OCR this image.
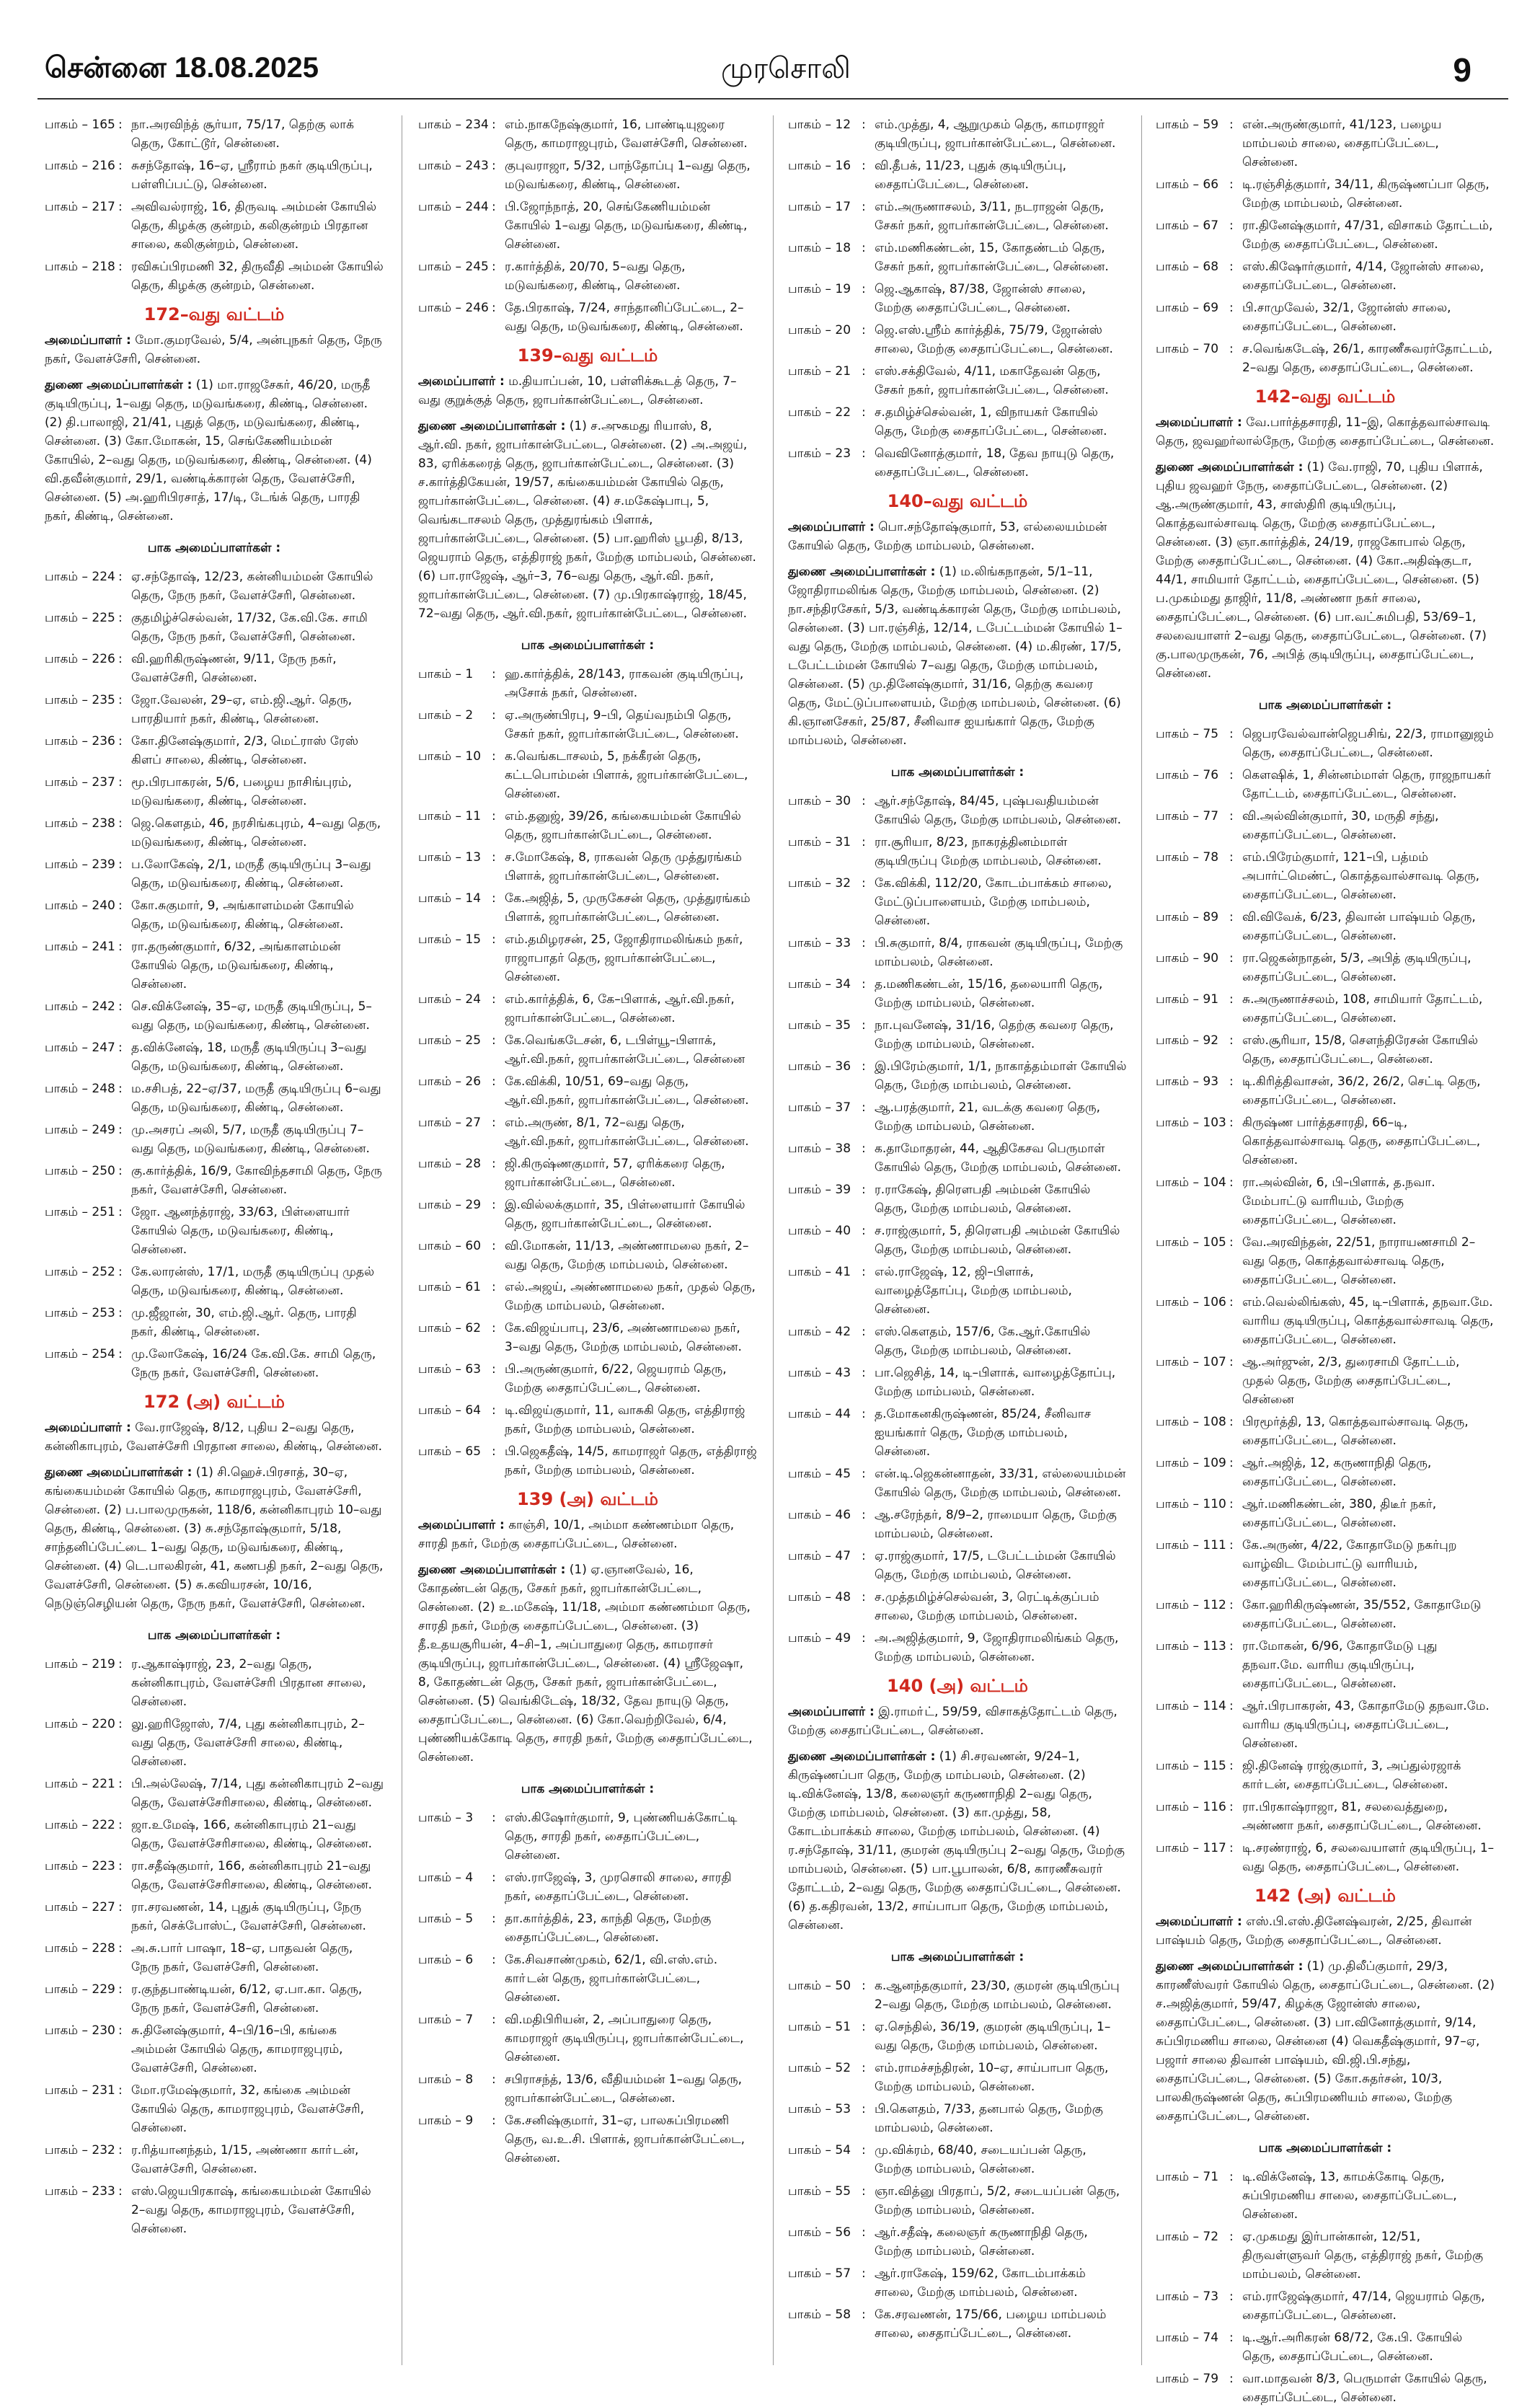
சென்னை 18.08.2025	முரசொலி	9
பாகம் – 165 : நா.அரவிந்த் சூர்யா, 75/17, தெற்கு லாக் தெரு, கோட்டூர், சென்னை.
பாகம் – 216 : சுசந்தோஷ், 16–ஏ, ஸ்ரீராம் நகர் குடியிருப்பு, பள்ளிப்பட்டு, சென்னை.
பாகம் – 217 : அவிவல்ராஜ், 16, திருவடி அம்மன் கோயில் தெரு, கிழக்கு குன்றம், கலிகுன்றம் பிரதான சாலை, கலிகுன்றம், சென்னை.
பாகம் – 218 : ரவிசுப்பிரமணி 32, திருவீதி அம்மன் கோயில் தெரு, கிழக்கு குன்றம், சென்னை.
172–வது வட்டம்
அமைப்பாளர் : மோ.குமரவேல், 5/4, அன்புநகர் தெரு, நேரு நகர், வேளச்சேரி, சென்னை.
துணை அமைப்பாளர்கள் : (1) மா.ராஜசேகர், 46/20, மருதீ குடியிருப்பு, 1–வது தெரு, மடுவங்கரை, கிண்டி, சென்னை. (2) தி.பாலாஜி, 21/41, புதுத் தெரு, மடுவங்கரை, கிண்டி, சென்னை. (3) கோ.மோகன், 15, செங்கேணியம்மன் கோயில், 2–வது தெரு, மடுவங்கரை, கிண்டி, சென்னை. (4) வி.தவீன்குமார், 29/1, வண்டிக்காரன் தெரு, வேளச்சேரி, சென்னை. (5) அ.ஹரிபிரசாத், 17/டி, டேங்க் தெரு, பாரதி நகர், கிண்டி, சென்னை.
பாக அமைப்பாளர்கள் :
பாகம் – 224 : ஏ.சந்தோஷ், 12/23, கன்னியம்மன் கோயில் தெரு, நேரு நகர், வேளச்சேரி, சென்னை.
பாகம் – 225 : குதமிழ்ச்செல்வன், 17/32, கே.வி.கே. சாமி தெரு, நேரு நகர், வேளச்சேரி, சென்னை.
பாகம் – 226 : வி.ஹரிகிருஷ்ணன், 9/11, நேரு நகர், வேளச்சேரி, சென்னை.
பாகம் – 235 : ஜோ.வேலன், 29–ஏ, எம்.ஜி.ஆர். தெரு, பாரதியார் நகர், கிண்டி, சென்னை.
பாகம் – 236 : கோ.தினேஷ்குமார், 2/3, மெட்ராஸ் ரேஸ் கிளப் சாலை, கிண்டி, சென்னை.
பாகம் – 237 : மூ.பிரபாகரன், 5/6, பழைய நாசிங்புரம், மடுவங்கரை, கிண்டி, சென்னை.
பாகம் – 238 : ஜெ.கௌதம், 46, நரசிங்கபுரம், 4–வது தெரு, மடுவங்கரை, கிண்டி, சென்னை.
பாகம் – 239 : ப.லோகேஷ், 2/1, மருதீ குடியிருப்பு 3–வது தெரு, மடுவங்கரை, கிண்டி, சென்னை.
பாகம் – 240 : கோ.சுகுமார், 9, அங்காளம்மன் கோயில் தெரு, மடுவங்கரை, கிண்டி, சென்னை.
பாகம் – 241 : ரா.தருண்குமார், 6/32, அங்காளம்மன் கோயில் தெரு, மடுவங்கரை, கிண்டி, சென்னை.
பாகம் – 242 : செ.விக்னேஷ், 35–ஏ, மருதீ குடியிருப்பு, 5–வது தெரு, மடுவங்கரை, கிண்டி, சென்னை.
பாகம் – 247 : த.விக்னேஷ், 18, மருதீ குடியிருப்பு 3–வது தெரு, மடுவங்கரை, கிண்டி, சென்னை.
பாகம் – 248 : ம.சசிபத், 22–ஏ/37, மருதீ குடியிருப்பு 6–வது தெரு, மடுவங்கரை, கிண்டி, சென்னை.
பாகம் – 249 : மு.அசரப் அலி, 5/7, மருதீ குடியிருப்பு 7–வது தெரு, மடுவங்கரை, கிண்டி, சென்னை.
பாகம் – 250 : கு.கார்த்திக், 16/9, கோவிந்தசாமி தெரு, நேரு நகர், வேளச்சேரி, சென்னை.
பாகம் – 251 : ஜோ. ஆனந்த்ராஜ், 33/63, பிள்ளையார் கோயில் தெரு, மடுவங்கரை, கிண்டி, சென்னை.
பாகம் – 252 : கே.லாரன்ஸ், 17/1, மருதீ குடியிருப்பு முதல் தெரு, மடுவங்கரை, கிண்டி, சென்னை.
பாகம் – 253 : மு.ஜீஜான், 30, எம்.ஜி.ஆர். தெரு, பாரதி நகர், கிண்டி, சென்னை.
பாகம் – 254 : மு.லோகேஷ், 16/24 கே.வி.கே. சாமி தெரு, நேரு நகர், வேளச்சேரி, சென்னை.
172 (அ) வட்டம்
அமைப்பாளர் : வே.ராஜேஷ், 8/12, புதிய 2–வது தெரு, கன்னிகாபுரம், வேளச்சேரி பிரதான சாலை, கிண்டி, சென்னை.
துணை அமைப்பாளர்கள் : (1) சி.ஹெச்.பிரசாத், 30–ஏ, கங்கையம்மன் கோயில் தெரு, காமராஜபுரம், வேளச்சேரி, சென்னை. (2) ப.பாலமுருகன், 118/6, கன்னிகாபுரம் 10–வது தெரு, கிண்டி, சென்னை. (3) சு.சந்தோஷ்குமார், 5/18, சாந்தனிப்பேட்டை 1–வது தெரு, மடுவங்கரை, கிண்டி, சென்னை. (4) டெ.பாலகிரன், 41, கணபதி நகர், 2–வது தெரு, வேளச்சேரி, சென்னை. (5) சு.கவியரசன், 10/16, நெடுஞ்செழியன் தெரு, நேரு நகர், வேளச்சேரி, சென்னை.
பாக அமைப்பாளர்கள் :
பாகம் – 219 : ர.ஆகாஷ்ராஜ், 23, 2–வது தெரு, கன்னிகாபுரம், வேளச்சேரி பிரதான சாலை, சென்னை.
பாகம் – 220 : லு.ஹரிஜோஸ், 7/4, புது கன்னிகாபுரம், 2–வது தெரு, வேளச்சேரி சாலை, கிண்டி, சென்னை.
பாகம் – 221 : பி.அல்லேஷ், 7/14, புது கன்னிகாபுரம் 2–வது தெரு, வேளச்சேரிசாலை, கிண்டி, சென்னை.
பாகம் – 222 : ஜா.உமேஷ், 166, கன்னிகாபுரம் 21–வது தெரு, வேளச்சேரிசாலை, கிண்டி, சென்னை.
பாகம் – 223 : ரா.சதீஷ்குமார், 166, கன்னிகாபுரம் 21–வது தெரு, வேளச்சேரிசாலை, கிண்டி, சென்னை.
பாகம் – 227 : ரா.சரவணன், 14, புதுக் குடியிருப்பு, நேரு நகர், செக்போஸ்ட், வேளச்சேரி, சென்னை.
பாகம் – 228 : அ.சு.பார் பாஷா, 18–ஏ, பாதவன் தெரு, நேரு நகர், வேளச்சேரி, சென்னை.
பாகம் – 229 : ர.குந்தபாண்டியன், 6/12, ஏ.பா.கா. தெரு, நேரு நகர், வேளச்சேரி, சென்னை.
பாகம் – 230 : சு.தினேஷ்குமார், 4–பி/16–பி, கங்கை அம்மன் கோயில் தெரு, காமராஜபுரம், வேளச்சேரி, சென்னை.
பாகம் – 231 : மோ.ரமேஷ்குமார், 32, கங்கை அம்மன் கோயில் தெரு, காமராஜபுரம், வேளச்சேரி, சென்னை.
பாகம் – 232 : ர.ரித்யானந்தம், 1/15, அண்ணா காா்டன், வேளச்சேரி, சென்னை.
பாகம் – 233 : எஸ்.ஜெயபிரகாஷ், கங்கையம்மன் கோயில் 2–வது தெரு, காமராஜபுரம், வேளச்சேரி, சென்னை.
பாகம் – 234 : எம்.நாகநேஷ்குமார், 16, பாண்டியுஜரை தெரு, காமராஜபுரம், வேளச்சேரி, சென்னை.
பாகம் – 243 : குபுவராஜா, 5/32, பாந்தோப்பு 1–வது தெரு, மடுவங்கரை, கிண்டி, சென்னை.
பாகம் – 244 : பி.ஜோந்நாத், 20, செங்கேணியம்மன் கோயில் 1–வது தெரு, மடுவங்கரை, கிண்டி, சென்னை.
பாகம் – 245 : ர.கார்த்திக், 20/70, 5–வது தெரு, மடுவங்கரை, கிண்டி, சென்னை.
பாகம் – 246 : தே.பிரகாஷ், 7/24, சாந்தானிப்பேட்டை, 2–வது தெரு, மடுவங்கரை, கிண்டி, சென்னை.
139–வது வட்டம்
அமைப்பாளர் : ம.தியாப்பன், 10, பள்ளிக்கூடத் தெரு, 7–வது குறுக்குத் தெரு, ஜாபர்கான்பேட்டை, சென்னை.
துணை அமைப்பாளர்கள் : (1) ச.அுகமது ரியாஸ், 8, ஆர்.வி. நகர், ஜாபர்கான்பேட்டை, சென்னை. (2) அ.அஜய், 83, ஏரிக்கரைத் தெரு, ஜாபர்கான்பேட்டை, சென்னை. (3) ச.கார்த்திகேயன், 19/57, கங்கையம்மன் கோயில் தெரு, ஜாபர்கான்பேட்டை, சென்னை. (4) ச.மகேஷ்பாபு, 5, வெங்கடாசலம் தெரு, முத்துரங்கம் பிளாக், ஜாபர்கான்பேட்டை, சென்னை. (5) பா.ஹரிஸ் பூபதி, 8/13, ஜெயராம் தெரு, எத்திராஜ் நகர், மேற்கு மாம்பலம், சென்னை. (6) பா.ராஜேஷ், ஆர்–3, 76–வது தெரு, ஆர்.வி. நகர், ஜாபர்கான்பேட்டை, சென்னை. (7) மு.பிரகாஷ்ராஜ், 18/45, 72–வது தெரு, ஆர்.வி.நகர், ஜாபர்கான்பேட்டை, சென்னை.
பாக அமைப்பாளர்கள் :
பாகம் – 1	: ஹ.கார்த்திக், 28/143, ராகவன் குடியிருப்பு, அசோக் நகர், சென்னை.
பாகம் – 2	: ஏ.அருண்பிரபு, 9–பி, தெய்வநம்பி தெரு, சேகர் நகர், ஜாபர்கான்பேட்டை, சென்னை.
பாகம் – 10 : க.வெங்கடாசலம், 5, நக்கீரன் தெரு, கட்டபொம்மன் பிளாக், ஜாபர்கான்பேட்டை, சென்னை.
பாகம் – 11 : எம்.தனுஜ், 39/26, கங்கையம்மன் கோயில் தெரு, ஜாபர்கான்பேட்டை, சென்னை.
பாகம் – 13 : ச.மோகேஷ், 8, ராகவன் தெரு முத்துரங்கம் பிளாக், ஜாபர்கான்பேட்டை, சென்னை.
பாகம் – 14 : கே.அஜித், 5, முருகேசன் தெரு, முத்துரங்கம் பிளாக், ஜாபர்கான்பேட்டை, சென்னை.
பாகம் – 15 : எம்.தமிழரசன், 25, ஜோதிராமலிங்கம் நகர், ராஜாபாதர் தெரு, ஜாபர்கான்பேட்டை, சென்னை.
பாகம் – 24 : எம்.கார்த்திக், 6, கே–பிளாக், ஆர்.வி.நகர், ஜாபர்கான்பேட்டை, சென்னை.
பாகம் – 25 : கே.வெங்கடேசன், 6, டபிள்யூ–பிளாக், ஆர்.வி.நகர், ஜாபர்கான்பேட்டை, சென்னை
பாகம் – 26 : கே.விக்கி, 10/51, 69–வது தெரு, ஆர்.வி.நகர், ஜாபர்கான்பேட்டை, சென்னை.
பாகம் – 27 : எம்.அருண், 8/1, 72–வது தெரு, ஆர்.வி.நகர், ஜாபர்கான்பேட்டை, சென்னை.
பாகம் – 28 : ஜி.கிருஷ்ணகுமார், 57, ஏரிக்கரை தெரு, ஜாபர்கான்பேட்டை, சென்னை.
பாகம் – 29 : இ.வில்லக்குமார், 35, பிள்ளையார் கோயில் தெரு, ஜாபர்கான்பேட்டை, சென்னை.
பாகம் – 60 : வி.மோகன், 11/13, அண்ணாமலை நகர், 2–வது தெரு, மேற்கு மாம்பலம், சென்னை.
பாகம் – 61 : எல்.அஜய், அண்ணாமலை நகர், முதல் தெரு, மேற்கு மாம்பலம், சென்னை.
பாகம் – 62 : கே.விஜய்பாபு, 23/6, அண்ணாமலை நகர், 3–வது தெரு, மேற்கு மாம்பலம், சென்னை.
பாகம் – 63 : பி.அருண்குமார், 6/22, ஜெயராம் தெரு, மேற்கு சைதாப்பேட்டை, சென்னை.
பாகம் – 64 : டி.விஜய்குமார், 11, வாசுகி தெரு, எத்திராஜ் நகர், மேற்கு மாம்பலம், சென்னை.
பாகம் – 65 : பி.ஜெகதீஷ், 14/5, காமராஜர் தெரு, எத்திராஜ் நகர், மேற்கு மாம்பலம், சென்னை.
139 (அ) வட்டம்
அமைப்பாளர் : காஞ்சி, 10/1, அம்மா கண்ணம்மா தெரு, சாரதி நகர், மேற்கு சைதாப்பேட்டை, சென்னை.
துணை அமைப்பாளர்கள் : (1) ஏ.ஞானவேல், 16, கோதண்டன் தெரு, சேகர் நகர், ஜாபர்கான்பேட்டை, சென்னை. (2) உ.மகேஷ், 11/18, அம்மா கண்ணம்மா தெரு, சாரதி நகர், மேற்கு சைதாப்பேட்டை, சென்னை. (3) தீ.உதயசூரியன், 4–சி–1, அப்பாதுரை தெரு, காமராசர் குடியிருப்பு, ஜாபர்கான்பேட்டை, சென்னை. (4) ஸ்ரீஜேஷா, 8, கோதண்டன் தெரு, சேகர் நகர், ஜாபர்கான்பேட்டை, சென்னை. (5) வெங்கிடேஷ், 18/32, தேவ நாயுடு தெரு, சைதாப்பேட்டை, சென்னை. (6) கோ.வெற்றிவேல், 6/4, புண்ணியக்கோடி தெரு, சாரதி நகர், மேற்கு சைதாப்பேட்டை, சென்னை.
பாக அமைப்பாளர்கள் :
பாகம் – 3	: எஸ்.கிஷோர்குமார், 9, புண்ணியக்கோட்டி தெரு, சாரதி நகர், சைதாப்பேட்டை, சென்னை.
பாகம் – 4	: எஸ்.ராஜேஷ், 3, முரசொலி சாலை, சாரதி நகர், சைதாப்பேட்டை, சென்னை.
பாகம் – 5	: தா.கார்த்திக், 23, காந்தி தெரு, மேற்கு சைதாப்பேட்டை, சென்னை.
பாகம் – 6	: கே.சிவசாண்முகம், 62/1, வி.எஸ்.எம். காா்டன் தெரு, ஜாபர்கான்பேட்டை, சென்னை.
பாகம் – 7	: வி.மதிபிரியன், 2, அப்பாதுரை தெரு, காமராஜர் குடியிருப்பு, ஜாபர்கான்பேட்டை, சென்னை.
பாகம் – 8	: சபிராசந்த், 13/6, வீதியம்மன் 1–வது தெரு, ஜாபர்கான்பேட்டை, சென்னை.
பாகம் – 9	: கே.சனிஷ்குமார், 31–ஏ, பாலசுப்பிரமணி தெரு, வ.உ.சி. பிளாக், ஜாபர்கான்பேட்டை, சென்னை.
பாகம் – 12 : எம்.முத்து, 4, ஆறுமுகம் தெரு, காமராஜர் குடியிருப்பு, ஜாபர்கான்பேட்டை, சென்னை.
பாகம் – 16 : வி.தீபக், 11/23, புதுக் குடியிருப்பு, சைதாப்பேட்டை, சென்னை.
பாகம் – 17 : எம்.அருணாசலம், 3/11, நடராஜன் தெரு, சேகர் நகர், ஜாபர்கான்பேட்டை, சென்னை.
பாகம் – 18 : எம்.மணிகண்டன், 15, கோதண்டம் தெரு, சேகர் நகர், ஜாபர்கான்பேட்டை, சென்னை.
பாகம் – 19 : ஜெ.ஆகாஷ், 87/38, ஜோன்ஸ் சாலை, மேற்கு சைதாப்பேட்டை, சென்னை.
பாகம் – 20 : ஜெ.எஸ்.ஸ்ரீம் கார்த்திக், 75/79, ஜோன்ஸ் சாலை, மேற்கு சைதாப்பேட்டை, சென்னை.
பாகம் – 21 : எஸ்.சக்திவேல், 4/11, மகாதேவன் தெரு, சேகர் நகர், ஜாபர்கான்பேட்டை, சென்னை.
பாகம் – 22 : ச.தமிழ்ச்செல்வன், 1, விநாயகர் கோயில் தெரு, மேற்கு சைதாப்பேட்டை, சென்னை.
பாகம் – 23 : வெவினோத்குமார், 18, தேவ நாயுடு தெரு, சைதாப்பேட்டை, சென்னை.
140–வது வட்டம்
அமைப்பாளர் : பொ.சந்தோஷ்குமார், 53, எல்லையம்மன் கோயில் தெரு, மேற்கு மாம்பலம், சென்னை.
துணை அமைப்பாளர்கள் : (1) ம.லிங்கநாதன், 5/1–11, ஜோதிராமலிங்க தெரு, மேற்கு மாம்பலம், சென்னை. (2) நா.சந்திரசேகர், 5/3, வண்டிக்காரன் தெரு, மேற்கு மாம்பலம், சென்னை. (3) பா.ரஞ்சித், 12/14, டபேட்டம்மன் கோயில் 1–வது தெரு, மேற்கு மாம்பலம், சென்னை. (4) ம.கிரண், 17/5, டபேட்டம்மன் கோயில் 7–வது தெரு, மேற்கு மாம்பலம், சென்னை. (5) மு.தினேஷ்குமார், 31/16, தெற்கு கவரை தெரு, மேட்டுப்பாளையம், மேற்கு மாம்பலம், சென்னை. (6) கி.ஞானசேகர், 25/87, சீனிவாச ஐயங்கார் தெரு, மேற்கு மாம்பலம், சென்னை.
பாக அமைப்பாளர்கள் :
பாகம் – 30 : ஆர்.சந்தோஷ், 84/45, புஷ்பவதியம்மன் கோயில் தெரு, மேற்கு மாம்பலம், சென்னை.
பாகம் – 31 : ரா.சூரியா, 8/23, நாகரத்தினம்மாள் குடியிருப்பு மேற்கு மாம்பலம், சென்னை.
பாகம் – 32 : கே.விக்கி, 112/20, கோடம்பாக்கம் சாலை, மேட்டுப்பாளையம், மேற்கு மாம்பலம், சென்னை.
பாகம் – 33 : பி.சுகுமார், 8/4, ராகவன் குடியிருப்பு, மேற்கு மாம்பலம், சென்னை.
பாகம் – 34 : த.மணிகண்டன், 15/16, தலையாரி தெரு, மேற்கு மாம்பலம், சென்னை.
பாகம் – 35 : நா.புவனேஷ், 31/16, தெற்கு கவரை தெரு, மேற்கு மாம்பலம், சென்னை.
பாகம் – 36 : இ.பிரேம்குமார், 1/1, நாகாத்தம்மாள் கோயில் தெரு, மேற்கு மாம்பலம், சென்னை.
பாகம் – 37 : ஆ.பரத்குமார், 21, வடக்கு கவரை தெரு, மேற்கு மாம்பலம், சென்னை.
பாகம் – 38 : க.தாமோதரன், 44, ஆதிகேசவ பெருமாள் கோயில் தெரு, மேற்கு மாம்பலம், சென்னை.
பாகம் – 39 : ர.ராகேஷ், திரௌபதி அம்மன் கோயில் தெரு, மேற்கு மாம்பலம், சென்னை.
பாகம் – 40 : ச.ராஜ்குமார், 5, திரௌபதி அம்மன் கோயில் தெரு, மேற்கு மாம்பலம், சென்னை.
பாகம் – 41 : எல்.ராஜேஷ், 12, ஜி–பிளாக், வாழைத்தோப்பு, மேற்கு மாம்பலம், சென்னை.
பாகம் – 42 : எஸ்.கௌதம், 157/6, கே.ஆர்.கோயில் தெரு, மேற்கு மாம்பலம், சென்னை.
பாகம் – 43 : பா.ஜெசித், 14, டி–பிளாக், வாழைத்தோப்பு, மேற்கு மாம்பலம், சென்னை.
பாகம் – 44 : த.மோகனகிருஷ்ணன், 85/24, சீனிவாச ஐயங்கார் தெரு, மேற்கு மாம்பலம், சென்னை.
பாகம் – 45 : என்.டி.ஜெகன்னாதன், 33/31, எல்லையம்மன் கோயில் தெரு, மேற்கு மாம்பலம், சென்னை.
பாகம் – 46 : ஆ.சரேந்தர், 8/9–2, ராமையா தெரு, மேற்கு மாம்பலம், சென்னை.
பாகம் – 47 : ஏ.ராஜ்குமார், 17/5, டபேட்டம்மன் கோயில் தெரு, மேற்கு மாம்பலம், சென்னை.
பாகம் – 48 : ச.முத்தமிழ்ச்செல்வன், 3, ரெட்டிக்குப்பம் சாலை, மேற்கு மாம்பலம், சென்னை.
பாகம் – 49 : அ.அஜித்குமார், 9, ஜோதிராமலிங்கம் தெரு, மேற்கு மாம்பலம், சென்னை.
140 (அ) வட்டம்
அமைப்பாளர் : இ.ராமா்ட், 59/59, விசாகத்தோட்டம் தெரு, மேற்கு சைதாப்பேட்டை, சென்னை.
துணை அமைப்பாளர்கள் : (1) சி.சரவணன், 9/24–1, கிருஷ்ணப்பா தெரு, மேற்கு மாம்பலம், சென்னை. (2) டி.விக்னேஷ், 13/8, கலைஞர் கருணாநிதி 2–வது தெரு, மேற்கு மாம்பலம், சென்னை. (3) கா.முத்து, 58, கோடம்பாக்கம் சாலை, மேற்கு மாம்பலம், சென்னை. (4) ர.சந்தோஷ், 31/11, குமரன் குடியிருப்பு 2–வது தெரு, மேற்கு மாம்பலம், சென்னை. (5) பா.பூபாலன், 6/8, காரணீசுவரர் தோட்டம், 2–வது தெரு, மேற்கு சைதாப்பேட்டை, சென்னை. (6) த.கதிரவன், 13/2, சாய்பாபா தெரு, மேற்கு மாம்பலம், சென்னை.
பாக அமைப்பாளர்கள் :
பாகம் – 50 : க.ஆனந்தகுமார், 23/30, குமரன் குடியிருப்பு 2–வது தெரு, மேற்கு மாம்பலம், சென்னை.
பாகம் – 51 : ஏ.செந்தில், 36/19, குமரன் குடியிருப்பு, 1–வது தெரு, மேற்கு மாம்பலம், சென்னை.
பாகம் – 52 : எம்.ராமச்சந்திரன், 10–ஏ, சாய்பாபா தெரு, மேற்கு மாம்பலம், சென்னை.
பாகம் – 53 : பி.கௌதம், 7/33, தனபால் தெரு, மேற்கு மாம்பலம், சென்னை.
பாகம் – 54 : மு.விக்ரம், 68/40, சடையப்பன் தெரு, மேற்கு மாம்பலம், சென்னை.
பாகம் – 55 : ஞா.வித்னு பிரதாப், 5/2, சடையப்பன் தெரு, மேற்கு மாம்பலம், சென்னை.
பாகம் – 56 : ஆர்.சதீஷ், கலைஞர் கருணாநிதி தெரு, மேற்கு மாம்பலம், சென்னை.
பாகம் – 57 : ஆர்.ராகேஷ், 159/62, கோடம்பாக்கம் சாலை, மேற்கு மாம்பலம், சென்னை.
பாகம் – 58 : கே.சரவணன், 175/66, பழைய மாம்பலம் சாலை, சைதாப்பேட்டை, சென்னை.
பாகம் – 59 : என்.அருண்குமார், 41/123, பழைய மாம்பலம் சாலை, சைதாப்பேட்டை, சென்னை.
பாகம் – 66 : டி.ரஞ்சித்குமார், 34/11, கிருஷ்ணப்பா தெரு, மேற்கு மாம்பலம், சென்னை.
பாகம் – 67 : ரா.தினேஷ்குமார், 47/31, விசாகம் தோட்டம், மேற்கு சைதாப்பேட்டை, சென்னை.
பாகம் – 68 : எஸ்.கிஷோர்குமார், 4/14, ஜோன்ஸ் சாலை, சைதாப்பேட்டை, சென்னை.
பாகம் – 69 : பி.சாமுவேல், 32/1, ஜோன்ஸ் சாலை, சைதாப்பேட்டை, சென்னை.
பாகம் – 70 : ச.வெங்கடேஷ், 26/1, காரணீசுவரர்தோட்டம், 2–வது தெரு, சைதாப்பேட்டை, சென்னை.
142–வது வட்டம்
அமைப்பாளர் : வே.பார்த்தசாரதி, 11–இ, கொத்தவால்சாவடி தெரு, ஜவஹர்லால்நேரு, மேற்கு சைதாப்பேட்டை, சென்னை.
துணை அமைப்பாளர்கள் : (1) வே.ராஜி, 70, புதிய பிளாக், புதிய ஜவஹர் நேரு, சைதாப்பேட்டை, சென்னை. (2) ஆ.அருண்குமார், 43, சாஸ்திரி குடியிருப்பு, கொத்தவால்சாவடி தெரு, மேற்கு சைதாப்பேட்டை, சென்னை. (3) ஞா.கார்த்திக், 24/19, ராஜகோபால் தெரு, மேற்கு சைதாப்பேட்டை, சென்னை. (4) கோ.அதிஷ்குடா, 44/1, சாமியார் தோட்டம், சைதாப்பேட்டை, சென்னை. (5) ப.முகம்மது தாஜிர், 11/8, அண்ணா நகர் சாலை, சைதாப்பேட்டை, சென்னை. (6) பா.வட்சுமிபதி, 53/69–1, சலவையாளர் 2–வது தெரு, சைதாப்பேட்டை, சென்னை. (7) கு.பாலமுருகன், 76, அபித் குடியிருப்பு, சைதாப்பேட்டை, சென்னை.
பாக அமைப்பாளர்கள் :
பாகம் – 75 : ஜெபரவேல்வான்ஜெபசிங், 22/3, ராமானுஜம் தெரு, சைதாப்பேட்டை, சென்னை.
பாகம் – 76 : கௌஷிக், 1, சின்னம்மாள் தெரு, ராஜநாயகர் தோட்டம், சைதாப்பேட்டை, சென்னை.
பாகம் – 77 : வி.அல்வின்குமார், 30, மருதி சந்து, சைதாப்பேட்டை, சென்னை.
பாகம் – 78 : எம்.பிரேம்குமார், 121–பி, பத்மம் அபார்ட்மெண்ட், கொத்தவால்சாவடி தெரு, சைதாப்பேட்டை, சென்னை.
பாகம் – 89 : வி.விவேக், 6/23, திவான் பாஷ்யம் தெரு, சைதாப்பேட்டை, சென்னை.
பாகம் – 90 : ரா.ஜெகன்நாதன், 5/3, அபித் குடியிருப்பு, சைதாப்பேட்டை, சென்னை.
பாகம் – 91 : சு.அருணாச்சலம், 108, சாமியார் தோட்டம், சைதாப்பேட்டை, சென்னை.
பாகம் – 92 : எஸ்.சூரியா, 15/8, சௌந்திரேசன் கோயில் தெரு, சைதாப்பேட்டை, சென்னை.
பாகம் – 93 : டி.கிரித்திவாசன், 36/2, 26/2, செட்டி தெரு, சைதாப்பேட்டை, சென்னை.
பாகம் – 103 : கிருஷ்ண பார்த்தசாரதி, 66–டி, கொத்தவால்சாவடி தெரு, சைதாப்பேட்டை, சென்னை.
பாகம் – 104 : ரா.அல்வின், 6, பி–பிளாக், த.நவா. மேம்பாட்டு வாரியம், மேற்கு சைதாப்பேட்டை, சென்னை.
பாகம் – 105 : வே.அரவிந்தன், 22/51, நாராயணசாமி 2–வது தெரு, கொத்தவால்சாவடி தெரு, சைதாப்பேட்டை, சென்னை.
பாகம் – 106 : எம்.வெல்லிங்கஸ், 45, டி–பிளாக், தநவா.மே. வாரிய குடியிருப்பு, கொத்தவால்சாவடி தெரு, சைதாப்பேட்டை, சென்னை.
பாகம் – 107 : ஆ.அர்ஜுன், 2/3, துரைசாமி தோட்டம், முதல் தெரு, மேற்கு சைதாப்பேட்டை, சென்னை
பாகம் – 108 : பிரமூர்த்தி, 13, கொத்தவால்சாவடி தெரு, சைதாப்பேட்டை, சென்னை.
பாகம் – 109 : ஆர்.அஜித், 12, கருணாநிதி தெரு, சைதாப்பேட்டை, சென்னை.
பாகம் – 110 : ஆர்.மணிகண்டன், 380, திடீர் நகர், சைதாப்பேட்டை, சென்னை.
பாகம் – 111 : கே.அருண், 4/22, கோதாமேடு நகர்புற வாழ்விட மேம்பாட்டு வாரியம், சைதாப்பேட்டை, சென்னை.
பாகம் – 112 : கோ.ஹரிகிருஷ்ணன், 35/552, கோதாமேடு சைதாப்பேட்டை, சென்னை.
பாகம் – 113 : ரா.மோகன், 6/96, கோதாமேடு புது தநவா.மே. வாரிய குடியிருப்பு, சைதாப்பேட்டை, சென்னை.
பாகம் – 114 : ஆர்.பிரபாகரன், 43, கோதாமேடு தநவா.மே. வாரிய குடியிருப்பு, சைதாப்பேட்டை, சென்னை.
பாகம் – 115 : ஜி.தினேஷ் ராஜ்குமார், 3, அப்துல்ரஜாக் காா்டன், சைதாப்பேட்டை, சென்னை.
பாகம் – 116 : ரா.பிரகாஷ்ராஜா, 81, சலவைத்துறை, அண்ணா நகர், சைதாப்பேட்டை, சென்னை.
பாகம் – 117 : டி.சரண்ராஜ், 6, சலவையாளர் குடியிருப்பு, 1–வது தெரு, சைதாப்பேட்டை, சென்னை.
142 (அ) வட்டம்
அமைப்பாளர் : எஸ்.பி.எஸ்.தினேஷ்வரன், 2/25, திவான் பாஷ்யம் தெரு, மேற்கு சைதாப்பேட்டை, சென்னை.
துணை அமைப்பாளர்கள் : (1) மு.திலீப்குமார், 29/3, காரணீஸ்வரர் கோயில் தெரு, சைதாப்பேட்டை, சென்னை. (2) ச.அஜித்குமார், 59/47, கிழக்கு ஜோன்ஸ் சாலை, சைதாப்பேட்டை, சென்னை. (3) பா.வினோத்குமார், 9/14, சுப்பிரமணிய சாலை, சென்னை (4) வெகதீஷ்குமார், 97–ஏ, பஜார் சாலை திவான் பாஷ்யம், வி.ஜி.பி.சந்து, சைதாப்பேட்டை, சென்னை. (5) கோ.சுதர்சன், 10/3, பாலகிருஷ்ணன் தெரு, சுப்பிரமணியம் சாலை, மேற்கு சைதாப்பேட்டை, சென்னை.
பாக அமைப்பாளர்கள் :
பாகம் – 71 : டி.விக்னேஷ், 13, காமக்கோடி தெரு, சுப்பிரமணிய சாலை, சைதாப்பேட்டை, சென்னை.
பாகம் – 72 : ஏ.முகமது இர்பான்கான், 12/51, திருவள்ளுவர் தெரு, எத்திராஜ் நகர், மேற்கு மாம்பலம், சென்னை.
பாகம் – 73 : எம்.ராஜேஷ்குமார், 47/14, ஜெயராம் தெரு, சைதாப்பேட்டை, சென்னை.
பாகம் – 74 : டி.ஆர்.அரிகரன் 68/72, கே.பி. கோயில் தெரு, சைதாப்பேட்டை, சென்னை.
பாகம் – 79 : வா.மாதவன் 8/3, பெருமாள் கோயில் தெரு, சைதாப்பேட்டை, சென்னை.
